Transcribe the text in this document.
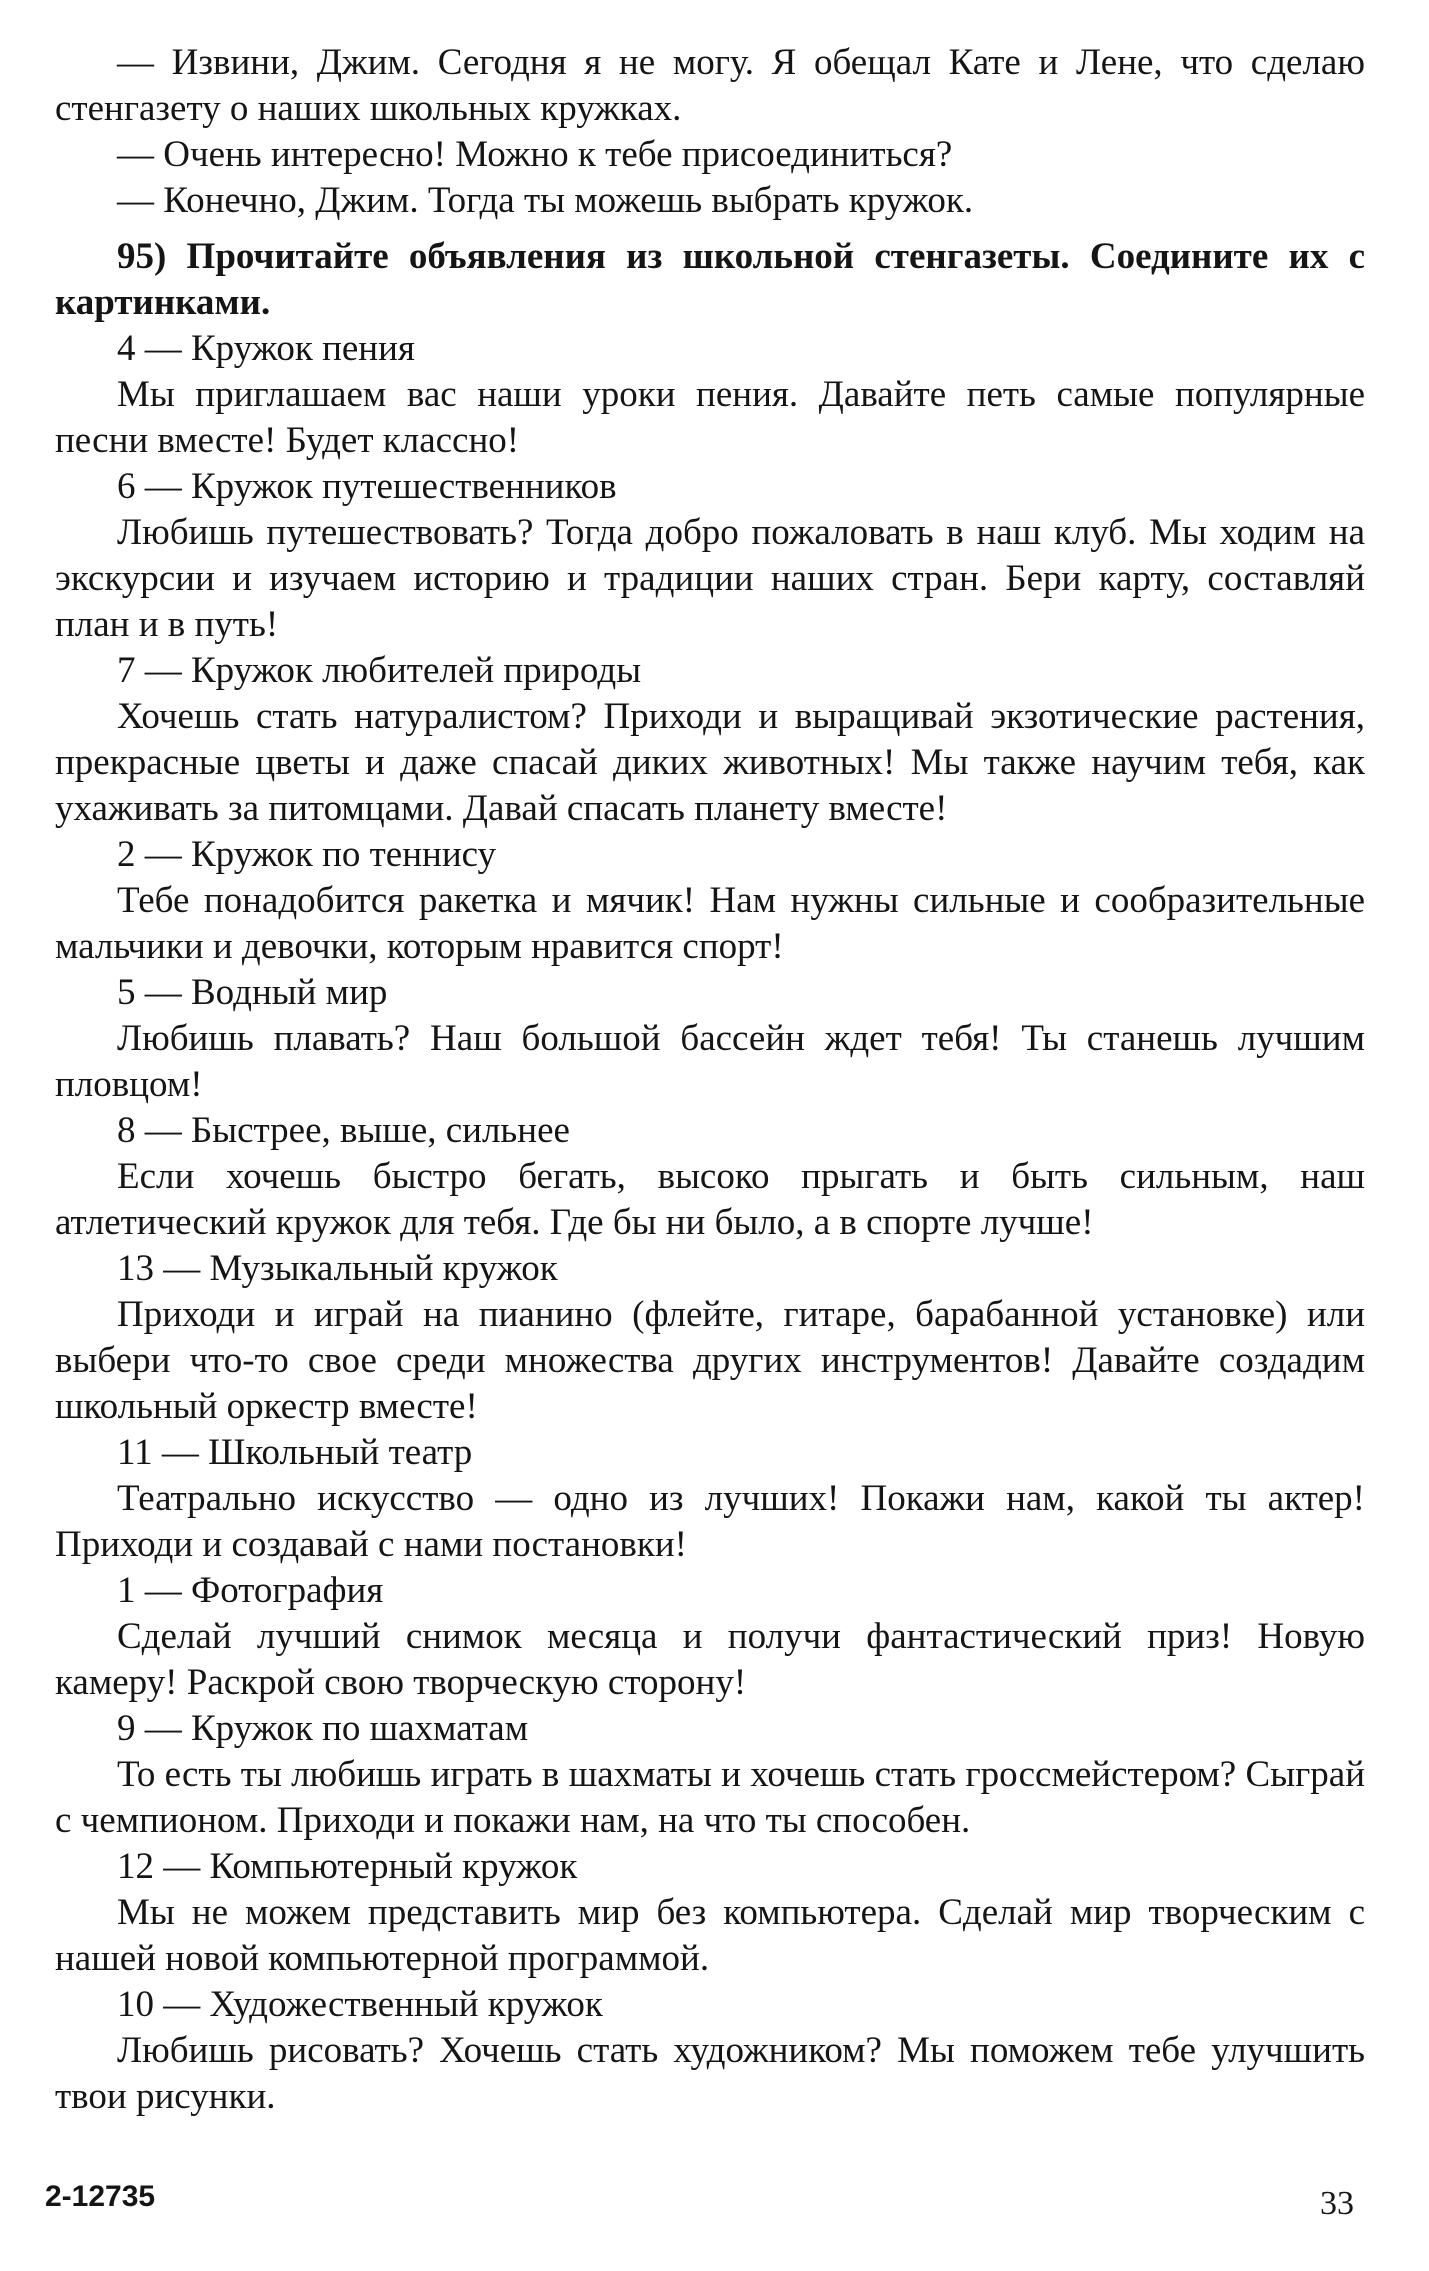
— Извини, Джим. Сегодня я не могу. Я обещал Кате и Лене, что сделаю стенгазету о наших школьных кружках.

— Очень интересно! Можно к тебе присоединиться?

— Конечно, Джим. Тогда ты можешь выбрать кружок.

95) Прочитайте объявления из школьной стенгазеты. Соедините их с картинками.

4 — Кружок пения

Мы приглашаем вас наши уроки пения. Давайте петь самые популярные песни вместе! Будет классно!

6 — Кружок путешественников

Любишь путешествовать? Тогда добро пожаловать в наш клуб. Мы ходим на экскурсии и изучаем историю и традиции наших стран. Бери карту, составляй план и в путь!

7 — Кружок любителей природы

Хочешь стать натуралистом? Приходи и выращивай экзотические растения, прекрасные цветы и даже спасай диких животных! Мы также научим тебя, как ухаживать за питомцами. Давай спасать планету вместе!

2 — Кружок по теннису

Тебе понадобится ракетка и мячик! Нам нужны сильные и сообразительные мальчики и девочки, которым нравится спорт!

5 — Водный мир

Любишь плавать? Наш большой бассейн ждет тебя! Ты станешь лучшим пловцом!

8 — Быстрее, выше, сильнее

Если хочешь быстро бегать, высоко прыгать и быть сильным, наш атлетический кружок для тебя. Где бы ни было, а в спорте лучше!

13 — Музыкальный кружок

Приходи и играй на пианино (флейте, гитаре, барабанной установке) или выбери что-то свое среди множества других инструментов! Давайте создадим школьный оркестр вместе!

11 — Школьный театр

Театрально искусство — одно из лучших! Покажи нам, какой ты актер! Приходи и создавай с нами постановки!

1 — Фотография

Сделай лучший снимок месяца и получи фантастический приз! Новую камеру! Раскрой свою творческую сторону!

9 — Кружок по шахматам

То есть ты любишь играть в шахматы и хочешь стать гроссмейстером? Сыграй с чемпионом. Приходи и покажи нам, на что ты способен.

12 — Компьютерный кружок

Мы не можем представить мир без компьютера. Сделай мир творческим с нашей новой компьютерной программой.

10 — Художественный кружок

Любишь рисовать? Хочешь стать художником? Мы поможем тебе улучшить твои рисунки.

2-12735	33
